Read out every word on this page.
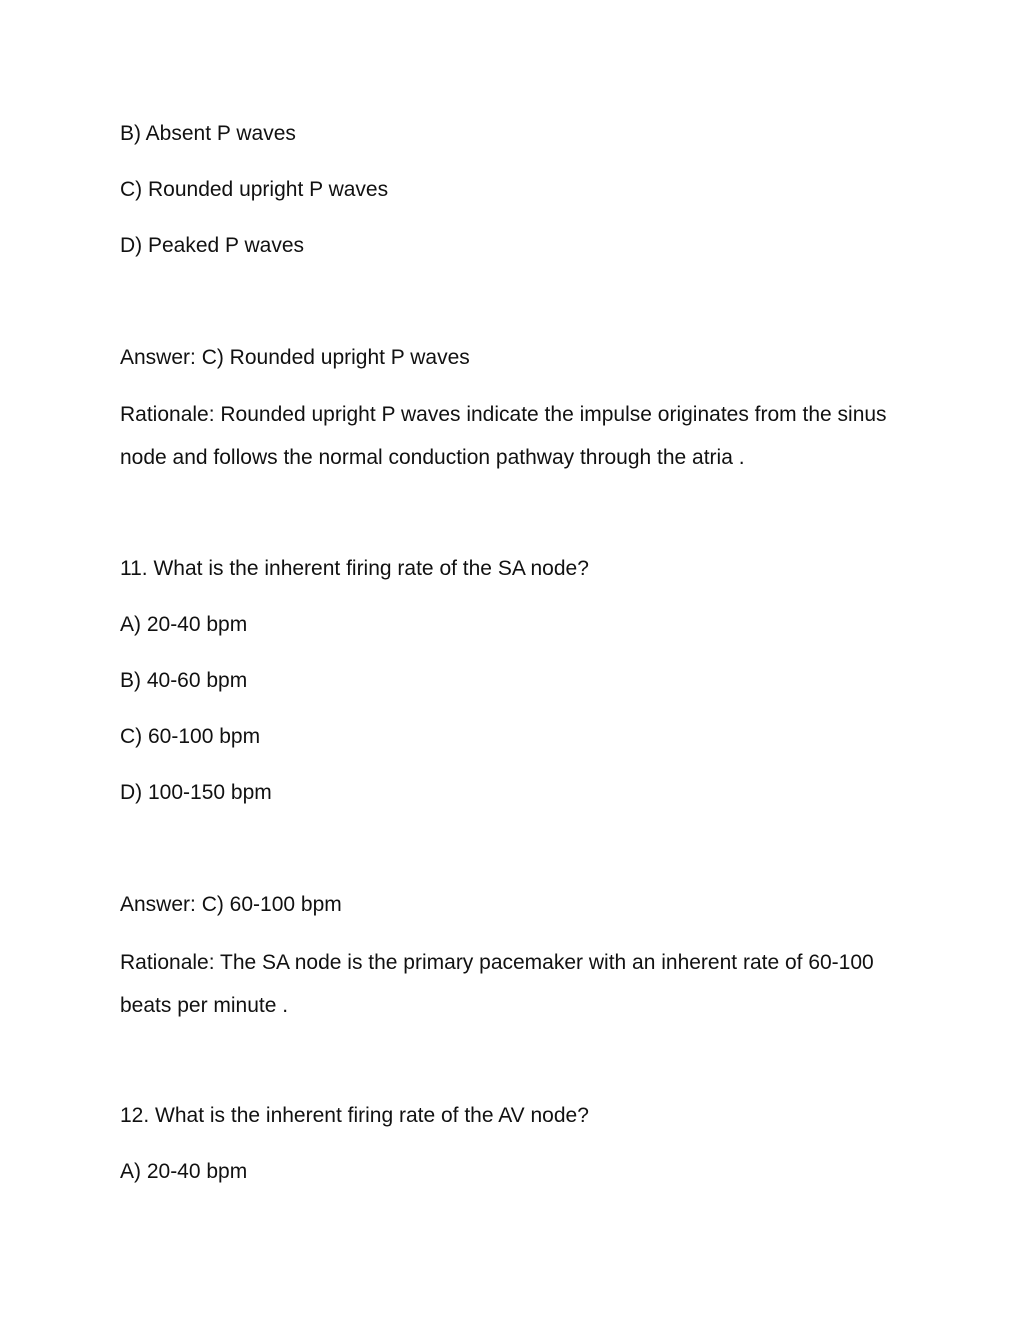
B) Absent P waves

C) Rounded upright P waves

D) Peaked P waves

Answer: C) Rounded upright P waves

Rationale: Rounded upright P waves indicate the impulse originates from the sinus node and follows the normal conduction pathway through the atria .

11. What is the inherent firing rate of the SA node?

A) 20-40 bpm

B) 40-60 bpm

C) 60-100 bpm

D) 100-150 bpm

Answer: C) 60-100 bpm

Rationale: The SA node is the primary pacemaker with an inherent rate of 60-100 beats per minute .

12. What is the inherent firing rate of the AV node?

A) 20-40 bpm
